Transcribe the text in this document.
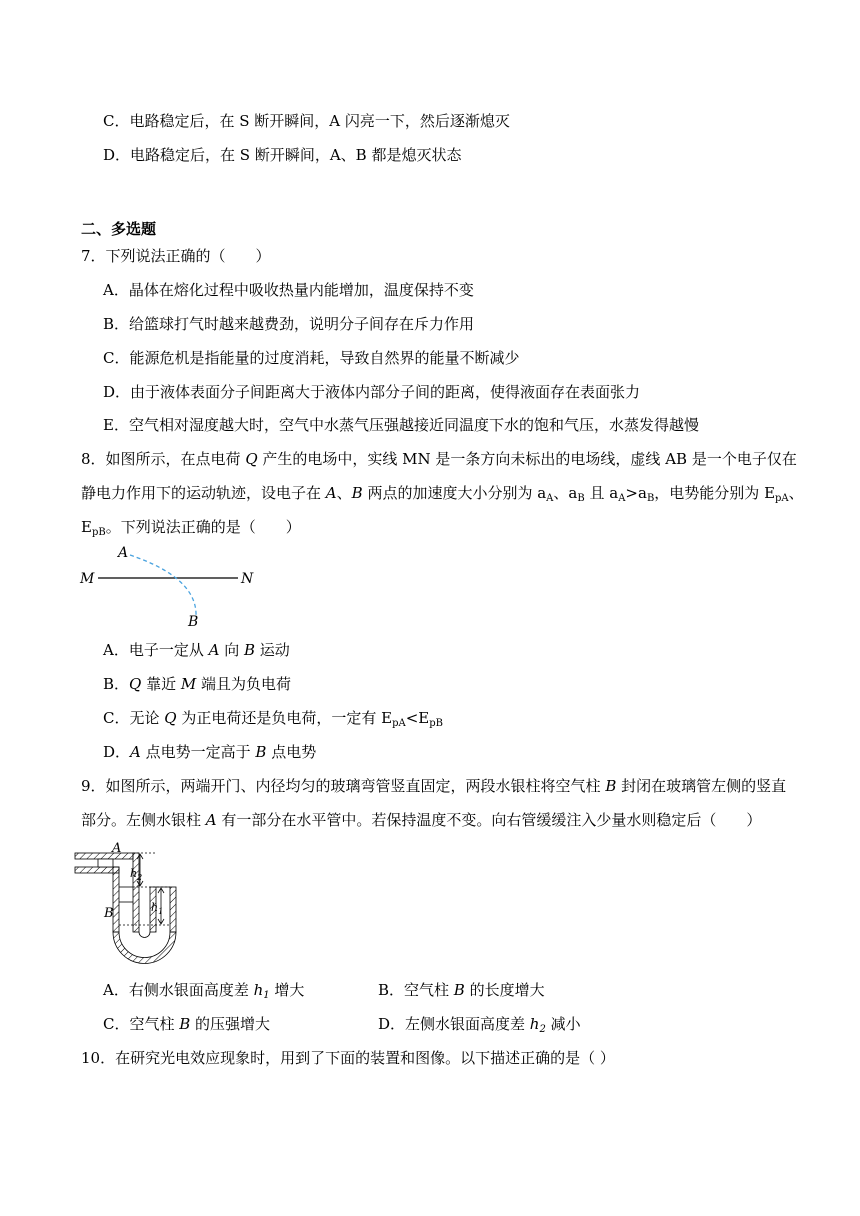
C．电路稳定后，在 S 断开瞬间，A 闪亮一下，然后逐渐熄灭
D．电路稳定后，在 S 断开瞬间，A、B 都是熄灭状态
二、多选题
7．下列说法正确的（　　）
A．晶体在熔化过程中吸收热量内能增加，温度保持不变
B．给篮球打气时越来越费劲，说明分子间存在斥力作用
C．能源危机是指能量的过度消耗，导致自然界的能量不断减少
D．由于液体表面分子间距离大于液体内部分子间的距离，使得液面存在表面张力
E．空气相对湿度越大时，空气中水蒸气压强越接近同温度下水的饱和气压，水蒸发得越慢
8．如图所示，在点电荷 Q 产生的电场中，实线 MN 是一条方向未标出的电场线，虚线 AB 是一个电子仅在
静电力作用下的运动轨迹，设电子在 A、B 两点的加速度大小分别为 $a_A$、$a_B$ 且 $a_A>a_B$，电势能分别为 $E_{pA}$、
$E_{pB}$。下列说法正确的是（　　）
M	N
A
B
A．电子一定从 A 向 B 运动
B．Q 靠近 M 端且为负电荷
C．无论 Q 为正电荷还是负电荷，一定有 $E_{pA}<E_{pB}$
D．A 点电势一定高于 B 点电势
9．如图所示，两端开门、内径均匀的玻璃弯管竖直固定，两段水银柱将空气柱 B 封闭在玻璃管左侧的竖直
部分。左侧水银柱 A 有一部分在水平管中。若保持温度不变。向右管缓缓注入少量水则稳定后（　　）
A
B
$h_2$
$h_1$
A．右侧水银面高度差 $h_1$ 增大	B．空气柱 B 的长度增大
C．空气柱 B 的压强增大	D．左侧水银面高度差 $h_2$ 减小
10．在研究光电效应现象时，用到了下面的装置和图像。以下描述正确的是（ ）
